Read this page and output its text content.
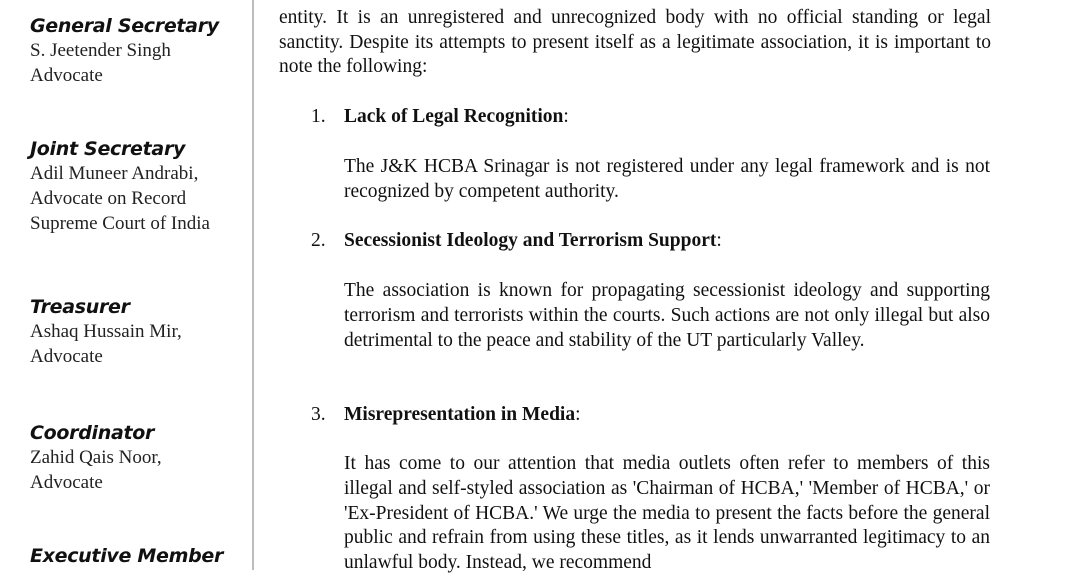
General Secretary
S. Jeetender Singh
Advocate
Joint Secretary
Adil Muneer Andrabi,
Advocate on Record
Supreme Court of India
Treasurer
Ashaq Hussain Mir,
Advocate
Coordinator
Zahid Qais Noor,
Advocate
Executive Member
entity. It is an unregistered and unrecognized body with no official standing or legal sanctity. Despite its attempts to present itself as a legitimate association, it is important to note the following:
1. Lack of Legal Recognition:
The J&K HCBA Srinagar is not registered under any legal framework and is not recognized by competent authority.
2. Secessionist Ideology and Terrorism Support:
The association is known for propagating secessionist ideology and supporting terrorism and terrorists within the courts. Such actions are not only illegal but also detrimental to the peace and stability of the UT particularly Valley.
3. Misrepresentation in Media:
It has come to our attention that media outlets often refer to members of this illegal and self-styled association as 'Chairman of HCBA,' 'Member of HCBA,' or 'Ex-President of HCBA.' We urge the media to present the facts before the general public and refrain from using these titles, as it lends unwarranted legitimacy to an unlawful body. Instead, we recommend
